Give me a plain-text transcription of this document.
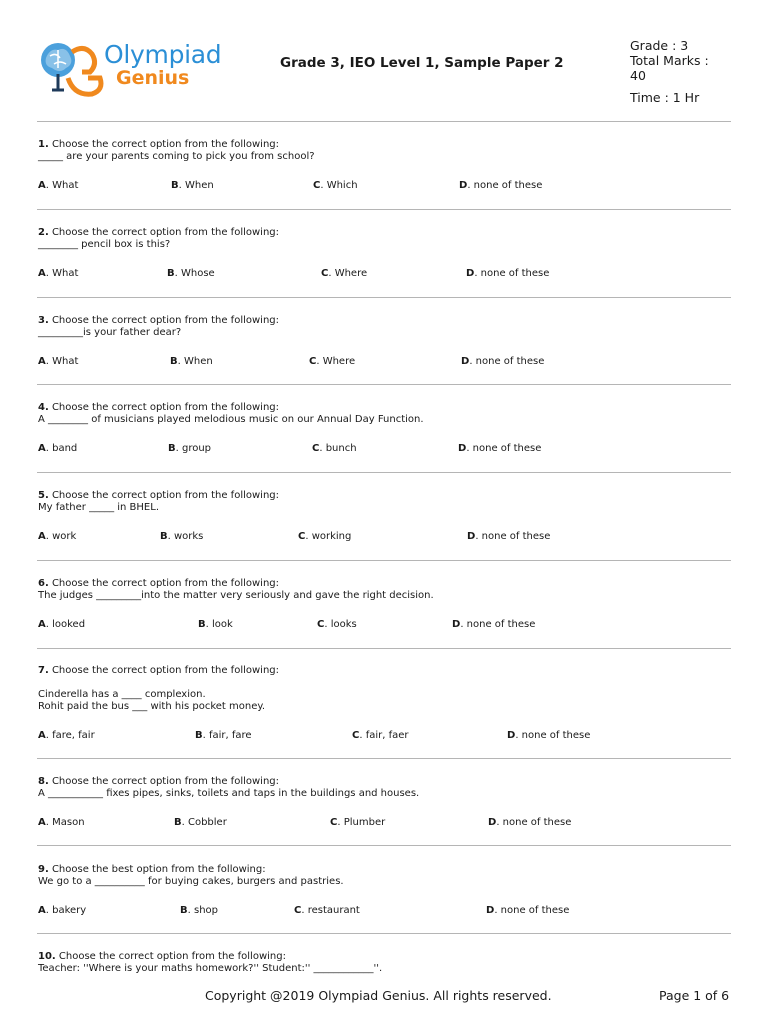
Olympiad
Genius
Grade 3, IEO Level 1, Sample Paper 2
Grade : 3
Total Marks :
40
Time : 1 Hr
1. Choose the correct option from the following:
_____ are your parents coming to pick you from school?
A. What	B. When	C. Which	D. none of these
2. Choose the correct option from the following:
________ pencil box is this?
A. What	B. Whose	C. Where	D. none of these
3. Choose the correct option from the following:
_________is your father dear?
A. What	B. When	C. Where	D. none of these
4. Choose the correct option from the following:
A ________ of musicians played melodious music on our Annual Day Function.
A. band	B. group	C. bunch	D. none of these
5. Choose the correct option from the following:
My father _____ in BHEL.
A. work	B. works	C. working	D. none of these
6. Choose the correct option from the following:
The judges _________into the matter very seriously and gave the right decision.
A. looked	B. look	C. looks	D. none of these
7. Choose the correct option from the following:
Cinderella has a ____ complexion.
Rohit paid the bus ___ with his pocket money.
A. fare, fair	B. fair, fare	C. fair, faer	D. none of these
8. Choose the correct option from the following:
A ___________ fixes pipes, sinks, toilets and taps in the buildings and houses.
A. Mason	B. Cobbler	C. Plumber	D. none of these
9. Choose the best option from the following:
We go to a __________ for buying cakes, burgers and pastries.
A. bakery	B. shop	C. restaurant	D. none of these
10. Choose the correct option from the following:
Teacher: ''Where is your maths homework?'' Student:'' ____________''.
Copyright @2019 Olympiad Genius. All rights reserved.	Page 1 of 6
